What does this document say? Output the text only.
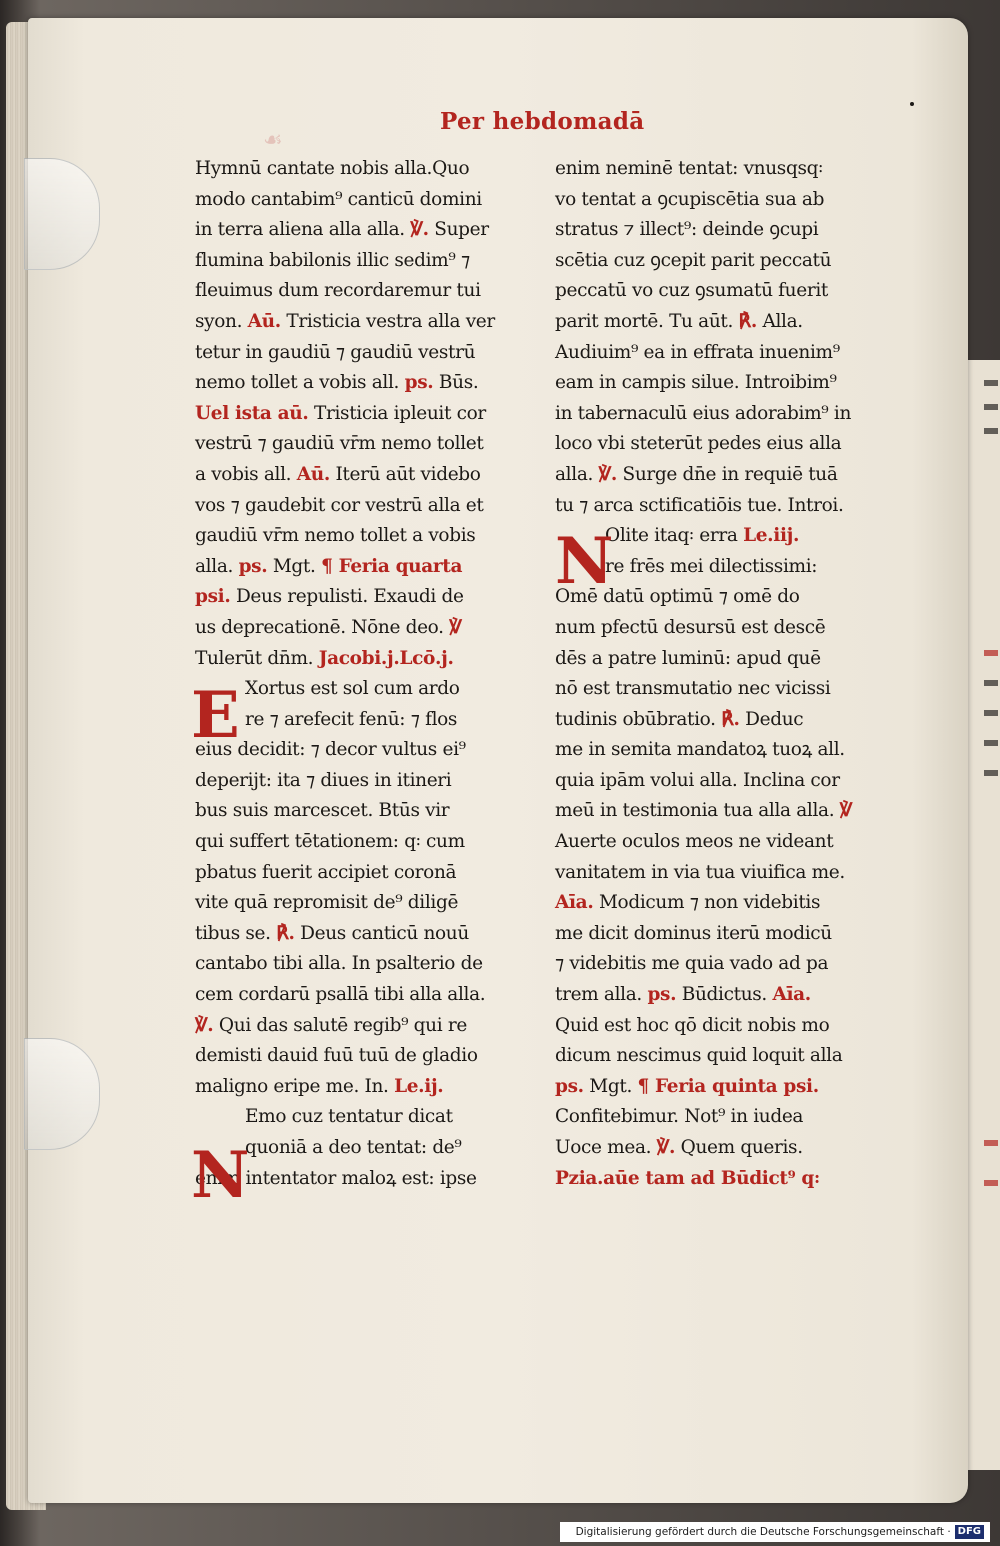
☙
Per hebdomadā
E
N
Hymnū cantate nobis alla.Quo
modo cantabim⁹ canticū domini
in terra aliena alla alla. ℣. Super
flumina babilonis illic sedim⁹ ⁊
fleuimus dum recordaremur tui
syon. Aū. Tristicia vestra alla ver
tetur in gaudiū ⁊ gaudiū vestrū
nemo tollet a vobis all. ps. Būs.
Uel ista aū. Tristicia ipleuit cor
vestrū ⁊ gaudiū vr̄m nemo tollet
a vobis all. Aū. Iterū aūt videbo
vos ⁊ gaudebit cor vestrū alla et
gaudiū vr̄m nemo tollet a vobis
alla. ps. Mgt. ¶ Feria quarta
psi. Deus repulisti. Exaudi de
us deprecationē. Nōne deo. ℣
Tulerūt dn̄m. Jacobi.j.Lcō.j.
Xortus est sol cum ardo
re ⁊ arefecit fenū: ⁊ flos
eius decidit: ⁊ decor vultus ei⁹
deperijt: ita ⁊ diues in itineri
bus suis marcescet. Btūs vir
qui suffert tētationem: q꞉ cum
pbatus fuerit accipiet coronā
vite quā repromisit de⁹ diligē
tibus se. ℟. Deus canticū nouū
cantabo tibi alla. In psalterio de
cem cordarū psallā tibi alla alla.
℣. Qui das salutē regib⁹ qui re
demisti dauid fuū tuū de gladio
maligno eripe me. In. Le.ij.
Emo cuz tentatur dicat
quoniā a deo tentat: de⁹
enim intentator maloꝝ est: ipse
N
enim neminē tentat: vnusqsq꞉
vo tentat a ꝯcupiscētia sua ab
stratus ⁊ illect⁹: deinde ꝯcupi
scētia cuz ꝯcepit parit peccatū
peccatū vo cuz ꝯsumatū fuerit
parit mortē. Tu aūt. ℟. Alla.
Audiuim⁹ ea in effrata inuenim⁹
eam in campis silue. Introibim⁹
in tabernaculū eius adorabim⁹ in
loco vbi steterūt pedes eius alla
alla. ℣. Surge dn̄e in requiē tuā
tu ⁊ arca sctificatiōis tue. Introi.
Olite itaq꞉ erra Le.iij.
re frēs mei dilectissimi:
Omē datū optimū ⁊ omē do
num pfectū desursū est descē
dēs a patre luminū: apud quē
nō est transmutatio nec vicissi
tudinis obūbratio. ℟. Deduc
me in semita mandatoꝝ tuoꝝ all.
quia ipām volui alla. Inclina cor
meū in testimonia tua alla alla. ℣
Auerte oculos meos ne videant
vanitatem in via tua viuifica me.
Aīa. Modicum ⁊ non videbitis
me dicit dominus iterū modicū
⁊ videbitis me quia vado ad pa
trem alla. ps. Būdictus. Aīa.
Quid est hoc qō dicit nobis mo
dicum nescimus quid loquit alla
ps. Mgt. ¶ Feria quinta psi.
Confitebimur. Not⁹ in iudea
Uoce mea. ℣. Quem queris.
Pzia.aūe tam ad Būdict⁹ q꞉
Digitalisierung gefördert durch die Deutsche Forschungsgemeinschaft · DFG
